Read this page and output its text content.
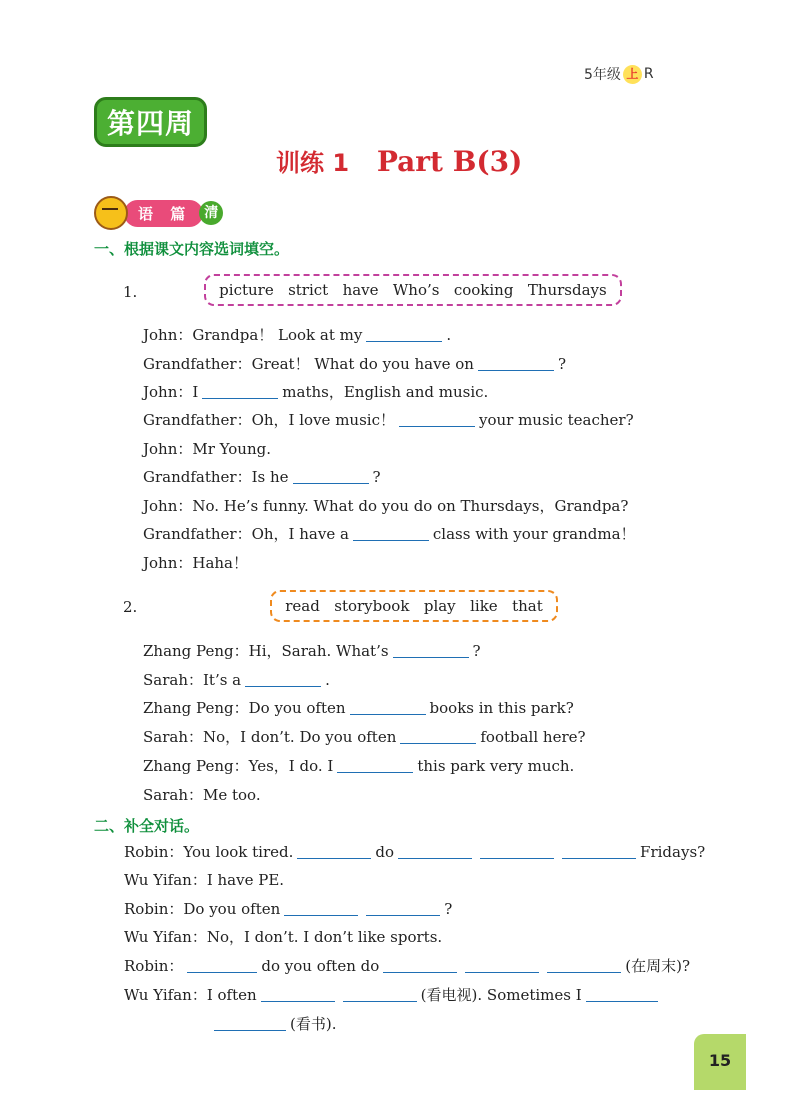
5年级 上 R
第四周
训练 1 Part B(3)
语 篇 清
一、根据课文内容选词填空。
1.	picture strict have Who’s cooking Thursdays
John：Grandpa！ Look at my	.
Grandfather：Great！ What do you have on	?
John：I	maths，English and music.
Grandfather：Oh，I love music！	your music teacher?
John：Mr Young.
Grandfather：Is he	?
John：No. He’s funny. What do you do on Thursdays，Grandpa?
Grandfather：Oh，I have a	class with your grandma！
John：Haha！
2.	read storybook play like that
Zhang Peng：Hi，Sarah. What’s	?
Sarah：It’s a	.
Zhang Peng：Do you often	books in this park?
Sarah：No，I don’t. Do you often	football here?
Zhang Peng：Yes，I do. I	this park very much.
Sarah：Me too.
二、补全对话。
Robin：You look tired.	do	Fridays?
Wu Yifan：I have PE.
Robin：Do you often	?
Wu Yifan：No，I don’t. I don’t like sports.
Robin：	do you often do	(在周末)?
Wu Yifan：I often	(看电视). Sometimes I
(看书).
15
